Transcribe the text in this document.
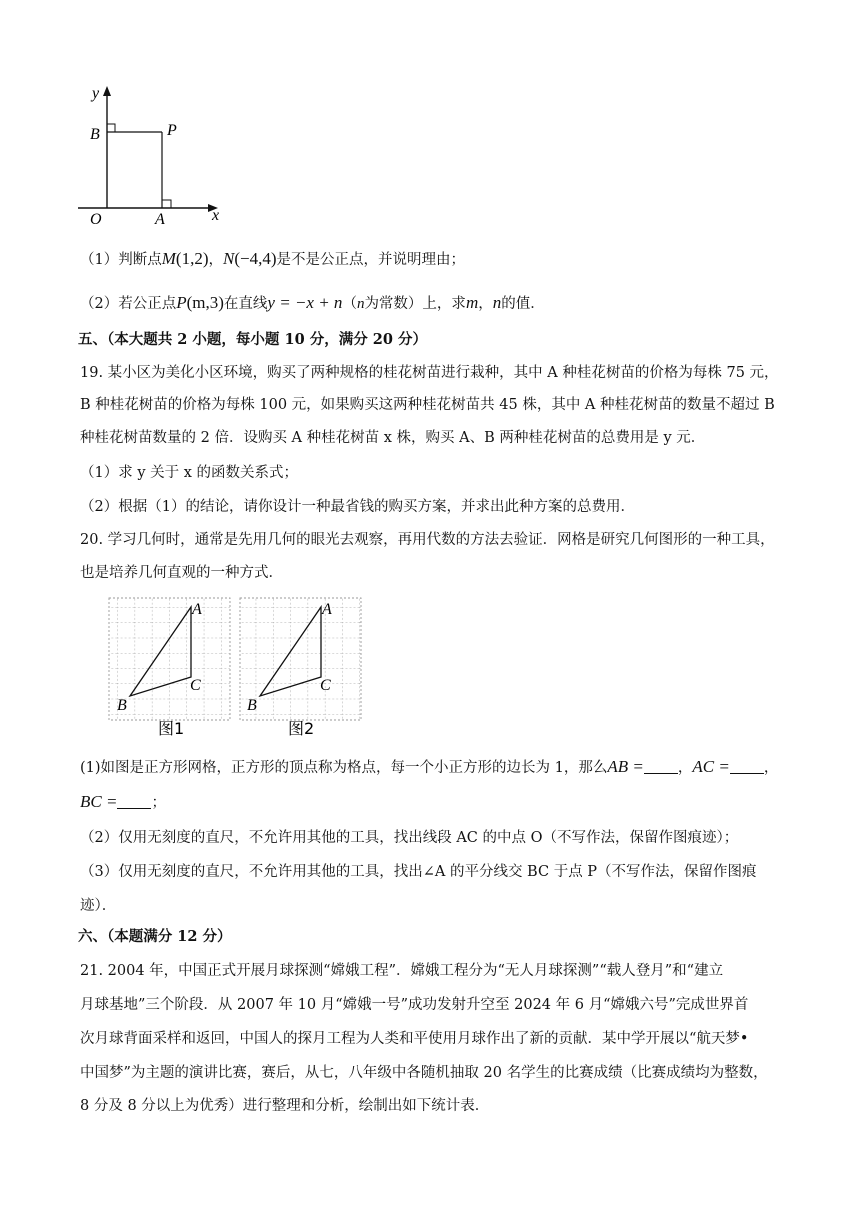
y
x
O
B	P
A
（1）判断点M(1,2)，N(−4,4)是不是公正点，并说明理由；
（2）若公正点P(m,3)在直线y = −x + n（n为常数）上，求m，n的值．
五、（本大题共 2 小题，每小题 10 分，满分 20 分）
19. 某小区为美化小区环境，购买了两种规格的桂花树苗进行栽种，其中 A 种桂花树苗的价格为每株 75 元，
B 种桂花树苗的价格为每株 100 元，如果购买这两种桂花树苗共 45 株，其中 A 种桂花树苗的数量不超过 B
种桂花树苗数量的 2 倍．设购买 A 种桂花树苗 x 株，购买 A、B 两种桂花树苗的总费用是 y 元．
（1）求 y 关于 x 的函数关系式；
（2）根据（1）的结论，请你设计一种最省钱的购买方案，并求出此种方案的总费用．
20. 学习几何时，通常是先用几何的眼光去观察，再用代数的方法去验证．网格是研究几何图形的一种工具，
也是培养几何直观的一种方式．
A
B
C
图1
A
B
C
图2
(1)如图是正方形网格，正方形的顶点称为格点，每一个小正方形的边长为 1，那么AB = ，AC = ，
BC = ；
（2）仅用无刻度的直尺，不允许用其他的工具，找出线段 AC 的中点 O（不写作法，保留作图痕迹）；
（3）仅用无刻度的直尺，不允许用其他的工具，找出∠A 的平分线交 BC 于点 P（不写作法，保留作图痕
迹）．
六、（本题满分 12 分）
21. 2004 年，中国正式开展月球探测“嫦娥工程”．嫦娥工程分为“无人月球探测”“载人登月”和“建立
月球基地”三个阶段．从 2007 年 10 月“嫦娥一号”成功发射升空至 2024 年 6 月“嫦娥六号”完成世界首
次月球背面采样和返回，中国人的探月工程为人类和平使用月球作出了新的贡献．某中学开展以“航天梦•
中国梦”为主题的演讲比赛，赛后，从七，八年级中各随机抽取 20 名学生的比赛成绩（比赛成绩均为整数，
8 分及 8 分以上为优秀）进行整理和分析，绘制出如下统计表．
